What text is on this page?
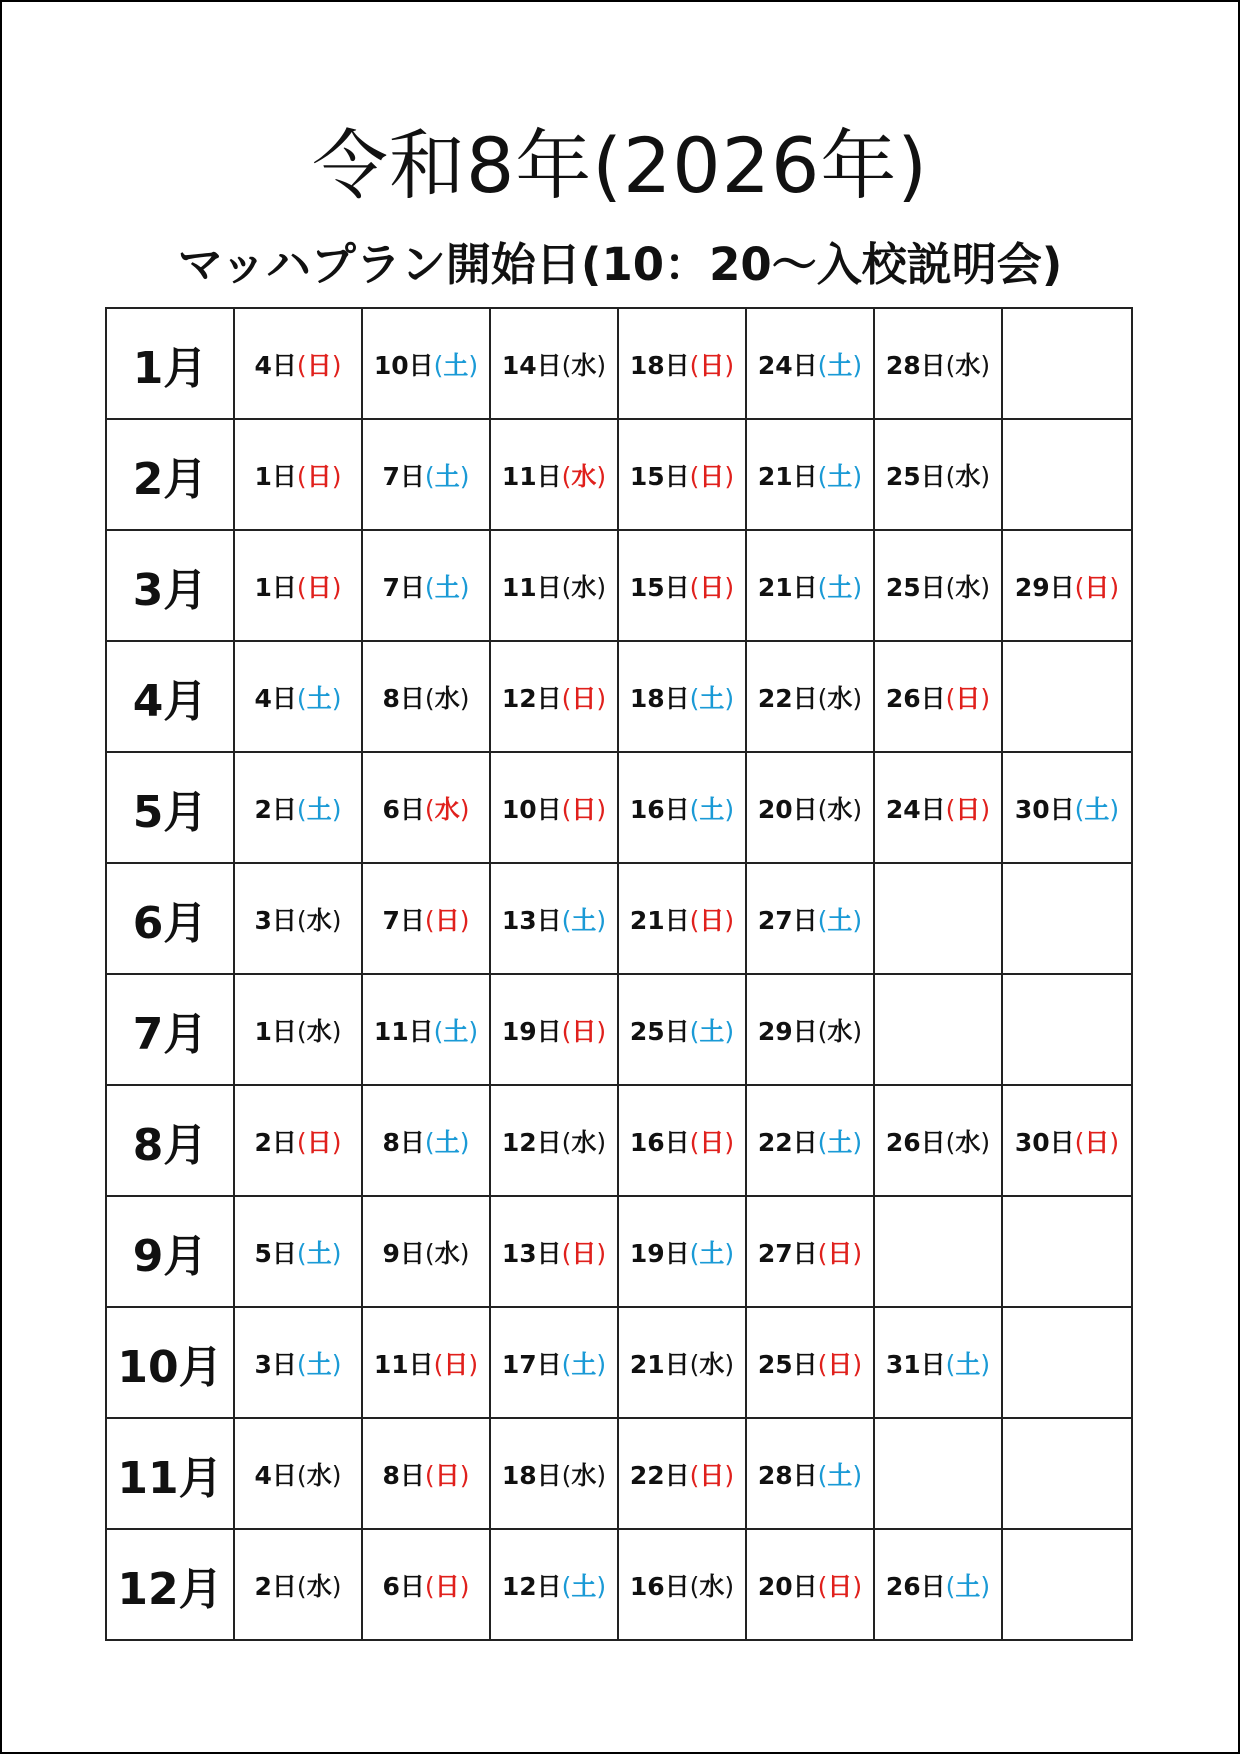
令和8年(2026年)
マッハプラン開始日(10：20～入校説明会)
1月	4日(日)	10日(土)	14日(水)	18日(日)	24日(土)	28日(水)	
2月	1日(日)	7日(土)	11日(水)	15日(日)	21日(土)	25日(水)	
3月	1日(日)	7日(土)	11日(水)	15日(日)	21日(土)	25日(水)	29日(日)
4月	4日(土)	8日(水)	12日(日)	18日(土)	22日(水)	26日(日)	
5月	2日(土)	6日(水)	10日(日)	16日(土)	20日(水)	24日(日)	30日(土)
6月	3日(水)	7日(日)	13日(土)	21日(日)	27日(土)		
7月	1日(水)	11日(土)	19日(日)	25日(土)	29日(水)		
8月	2日(日)	8日(土)	12日(水)	16日(日)	22日(土)	26日(水)	30日(日)
9月	5日(土)	9日(水)	13日(日)	19日(土)	27日(日)		
10月	3日(土)	11日(日)	17日(土)	21日(水)	25日(日)	31日(土)	
11月	4日(水)	8日(日)	18日(水)	22日(日)	28日(土)		
12月	2日(水)	6日(日)	12日(土)	16日(水)	20日(日)	26日(土)	
